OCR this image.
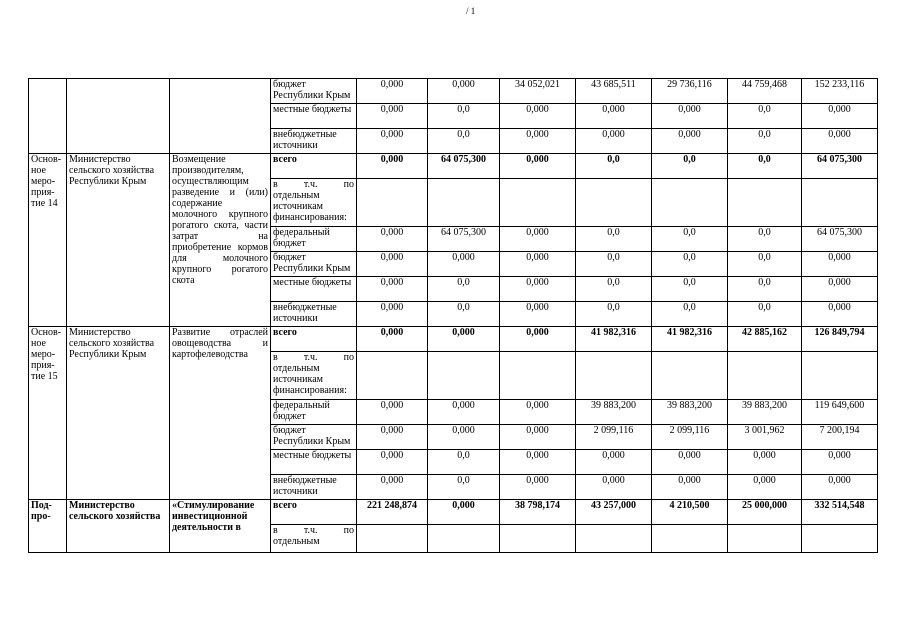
/ 1
			бюджет Республики Крым	0,000	0,000	34 052,021	43 685,511	29 736,116	44 759,468	152 233,116
			местные бюджеты	0,000	0,0	0,000	0,000	0,000	0,0	0,000
			внебюджетные источники	0,000	0,0	0,000	0,000	0,000	0,0	0,000
Основ-ное меро-прия-тие 14	Министерство сельского хозяйства Республики Крым	Возмещение производителям, осуществляющим разведение и (или) содержание молочного крупного рогатого скота, части затрат на приобретение кормов для молочного крупного рогатого скота	всего	0,000	64 075,300	0,000	0,0	0,0	0,0	64 075,300
			в т.ч. по отдельным источникам финансирования:							
			федеральный бюджет	0,000	64 075,300	0,000	0,0	0,0	0,0	64 075,300
			бюджет Республики Крым	0,000	0,000	0,000	0,0	0,0	0,0	0,000
			местные бюджеты	0,000	0,0	0,000	0,0	0,0	0,0	0,000
			внебюджетные источники	0,000	0,0	0,000	0,0	0,0	0,0	0,000
Основ-ное меро-прия-тие 15	Министерство сельского хозяйства Республики Крым	Развитие отраслей овощеводства и картофелеводства	всего	0,000	0,000	0,000	41 982,316	41 982,316	42 885,162	126 849,794
			в т.ч. по отдельным источникам финансирования:							
			федеральный бюджет	0,000	0,000	0,000	39 883,200	39 883,200	39 883,200	119 649,600
			бюджет Республики Крым	0,000	0,000	0,000	2 099,116	2 099,116	3 001,962	7 200,194
			местные бюджеты	0,000	0,0	0,000	0,000	0,000	0,000	0,000
			внебюджетные источники	0,000	0,0	0,000	0,000	0,000	0,000	0,000
Под-про-	Министерство сельского хозяйства	«Стимулирование инвестиционной деятельности в	всего	221 248,874	0,000	38 798,174	43 257,000	4 210,500	25 000,000	332 514,548
			в т.ч. по отдельным							
